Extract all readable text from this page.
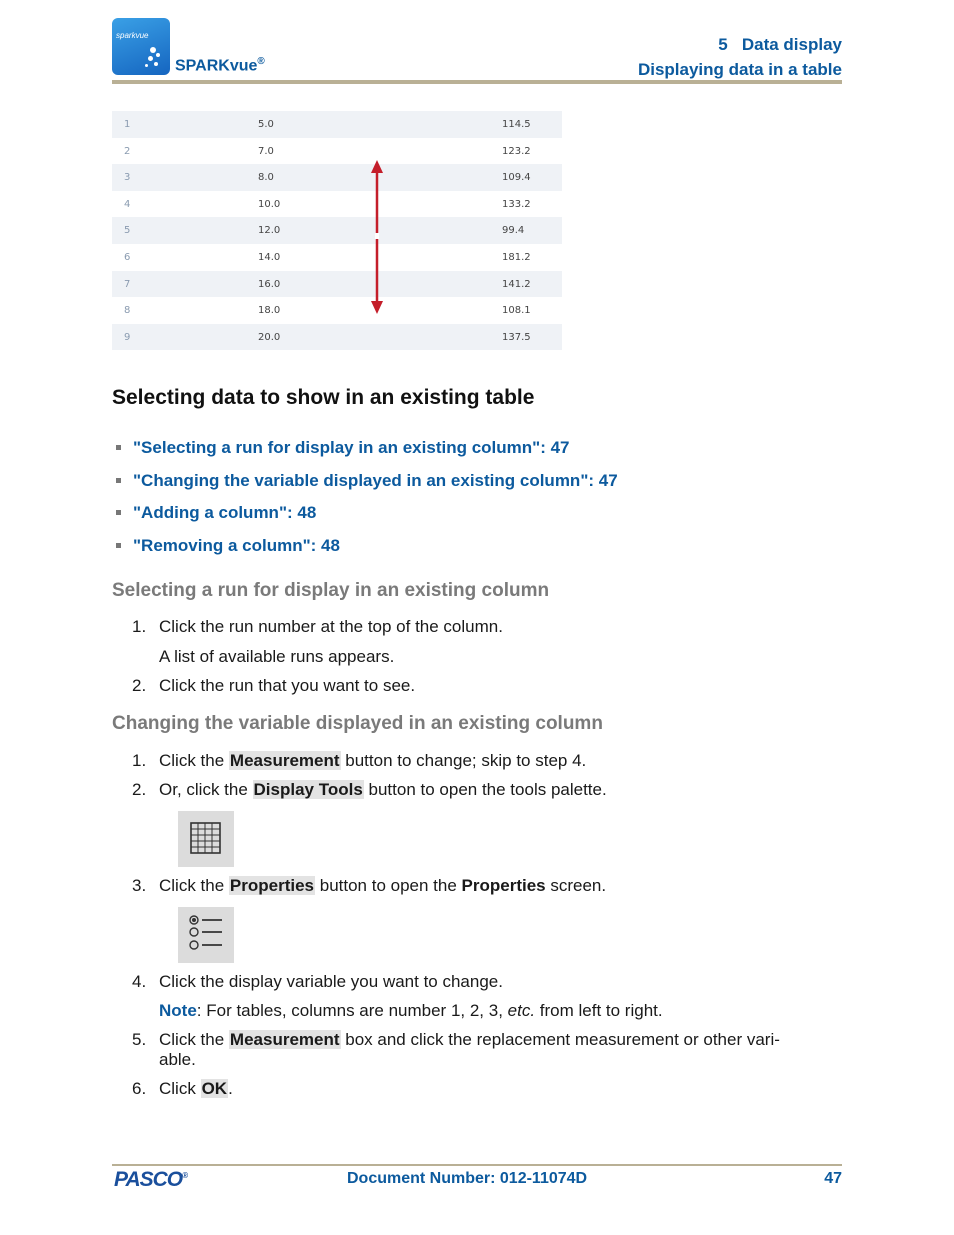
sparkvue
SPARKvue®
5   Data display
Displaying data in a table
1	5.0	114.5
2	7.0	123.2
3	8.0	109.4
4	10.0	133.2
5	12.0	99.4
6	14.0	181.2
7	16.0	141.2
8	18.0	108.1
9	20.0	137.5
Selecting data to show in an existing table
"Selecting a run for display in an existing column": 47
"Changing the variable displayed in an existing column": 47
"Adding a column": 48
"Removing a column": 48
Selecting a run for display in an existing column
1. Click the run number at the top of the column.
A list of available runs appears.
2. Click the run that you want to see.
Changing the variable displayed in an existing column
1. Click the Measurement button to change; skip to step 4.
2. Or, click the Display Tools button to open the tools palette.
3. Click the Properties button to open the Properties screen.
4. Click the display variable you want to change.
Note: For tables, columns are number 1, 2, 3, etc. from left to right.
5. Click the Measurement box and click the replacement measurement or other vari-
able.
6. Click OK.
PASCO®	Document Number: 012-11074D	47
